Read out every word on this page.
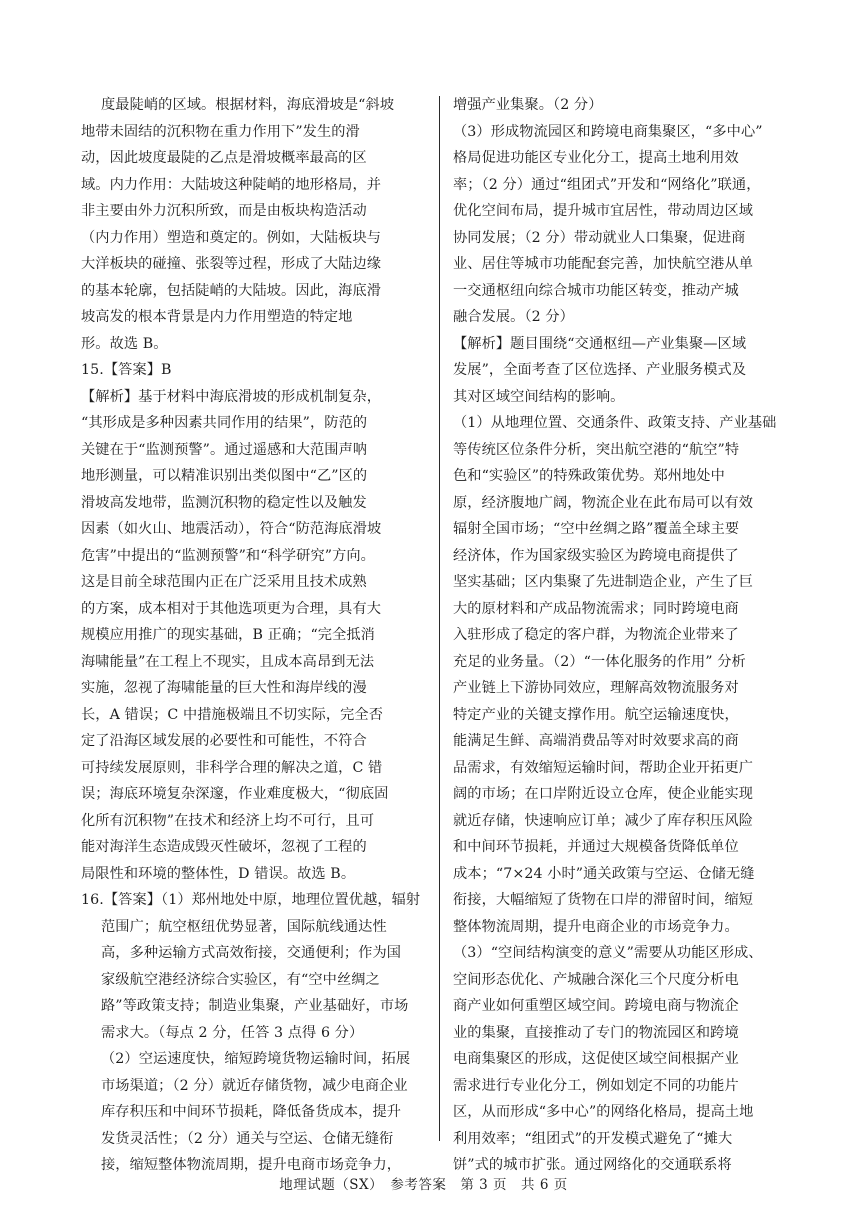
度最陡峭的区域。根据材料，海底滑坡是“斜坡
地带未固结的沉积物在重力作用下”发生的滑
动，因此坡度最陡的乙点是滑坡概率最高的区
域。内力作用：大陆坡这种陡峭的地形格局，并
非主要由外力沉积所致，而是由板块构造活动
（内力作用）塑造和奠定的。例如，大陆板块与
大洋板块的碰撞、张裂等过程，形成了大陆边缘
的基本轮廓，包括陡峭的大陆坡。因此，海底滑
坡高发的根本背景是内力作用塑造的特定地
形。故选 B。
15.【答案】B
【解析】基于材料中海底滑坡的形成机制复杂，
“其形成是多种因素共同作用的结果”，防范的
关键在于“监测预警”。通过遥感和大范围声呐
地形测量，可以精准识别出类似图中“乙”区的
滑坡高发地带，监测沉积物的稳定性以及触发
因素（如火山、地震活动），符合“防范海底滑坡
危害”中提出的“监测预警”和“科学研究”方向。
这是目前全球范围内正在广泛采用且技术成熟
的方案，成本相对于其他选项更为合理，具有大
规模应用推广的现实基础，B 正确；“完全抵消
海啸能量”在工程上不现实，且成本高昂到无法
实施，忽视了海啸能量的巨大性和海岸线的漫
长，A 错误；C 中措施极端且不切实际，完全否
定了沿海区域发展的必要性和可能性，不符合
可持续发展原则，非科学合理的解决之道，C 错
误；海底环境复杂深邃，作业难度极大，“彻底固
化所有沉积物”在技术和经济上均不可行，且可
能对海洋生态造成毁灭性破坏，忽视了工程的
局限性和环境的整体性，D 错误。故选 B。
16.【答案】（1）郑州地处中原，地理位置优越，辐射
范围广；航空枢纽优势显著，国际航线通达性
高，多种运输方式高效衔接，交通便利；作为国
家级航空港经济综合实验区，有“空中丝绸之
路”等政策支持；制造业集聚，产业基础好，市场
需求大。（每点 2 分，任答 3 点得 6 分）
（2）空运速度快，缩短跨境货物运输时间，拓展
市场渠道；（2 分）就近存储货物，减少电商企业
库存积压和中间环节损耗，降低备货成本，提升
发货灵活性；（2 分）通关与空运、仓储无缝衔
接，缩短整体物流周期，提升电商市场竞争力，
增强产业集聚。（2 分）
（3）形成物流园区和跨境电商集聚区，“多中心”
格局促进功能区专业化分工，提高土地利用效
率；（2 分）通过“组团式”开发和“网络化”联通，
优化空间布局，提升城市宜居性，带动周边区域
协同发展；（2 分）带动就业人口集聚，促进商
业、居住等城市功能配套完善，加快航空港从单
一交通枢纽向综合城市功能区转变，推动产城
融合发展。（2 分）
【解析】题目围绕“交通枢纽—产业集聚—区域
发展”，全面考查了区位选择、产业服务模式及
其对区域空间结构的影响。
（1）从地理位置、交通条件、政策支持、产业基础
等传统区位条件分析，突出航空港的“航空”特
色和“实验区”的特殊政策优势。郑州地处中
原，经济腹地广阔，物流企业在此布局可以有效
辐射全国市场；“空中丝绸之路”覆盖全球主要
经济体，作为国家级实验区为跨境电商提供了
坚实基础；区内集聚了先进制造企业，产生了巨
大的原材料和产成品物流需求；同时跨境电商
入驻形成了稳定的客户群，为物流企业带来了
充足的业务量。（2）“一体化服务的作用” 分析
产业链上下游协同效应，理解高效物流服务对
特定产业的关键支撑作用。航空运输速度快，
能满足生鲜、高端消费品等对时效要求高的商
品需求，有效缩短运输时间，帮助企业开拓更广
阔的市场；在口岸附近设立仓库，使企业能实现
就近存储，快速响应订单；减少了库存积压风险
和中间环节损耗，并通过大规模备货降低单位
成本；“7×24 小时”通关政策与空运、仓储无缝
衔接，大幅缩短了货物在口岸的滞留时间，缩短
整体物流周期，提升电商企业的市场竞争力。
（3）“空间结构演变的意义”需要从功能区形成、
空间形态优化、产城融合深化三个尺度分析电
商产业如何重塑区域空间。跨境电商与物流企
业的集聚，直接推动了专门的物流园区和跨境
电商集聚区的形成，这促使区域空间根据产业
需求进行专业化分工，例如划定不同的功能片
区，从而形成“多中心”的网络化格局，提高土地
利用效率；“组团式”的开发模式避免了“摊大
饼”式的城市扩张。通过网络化的交通联系将
地理试题（SX）　参考答案　第 3 页　共 6 页
